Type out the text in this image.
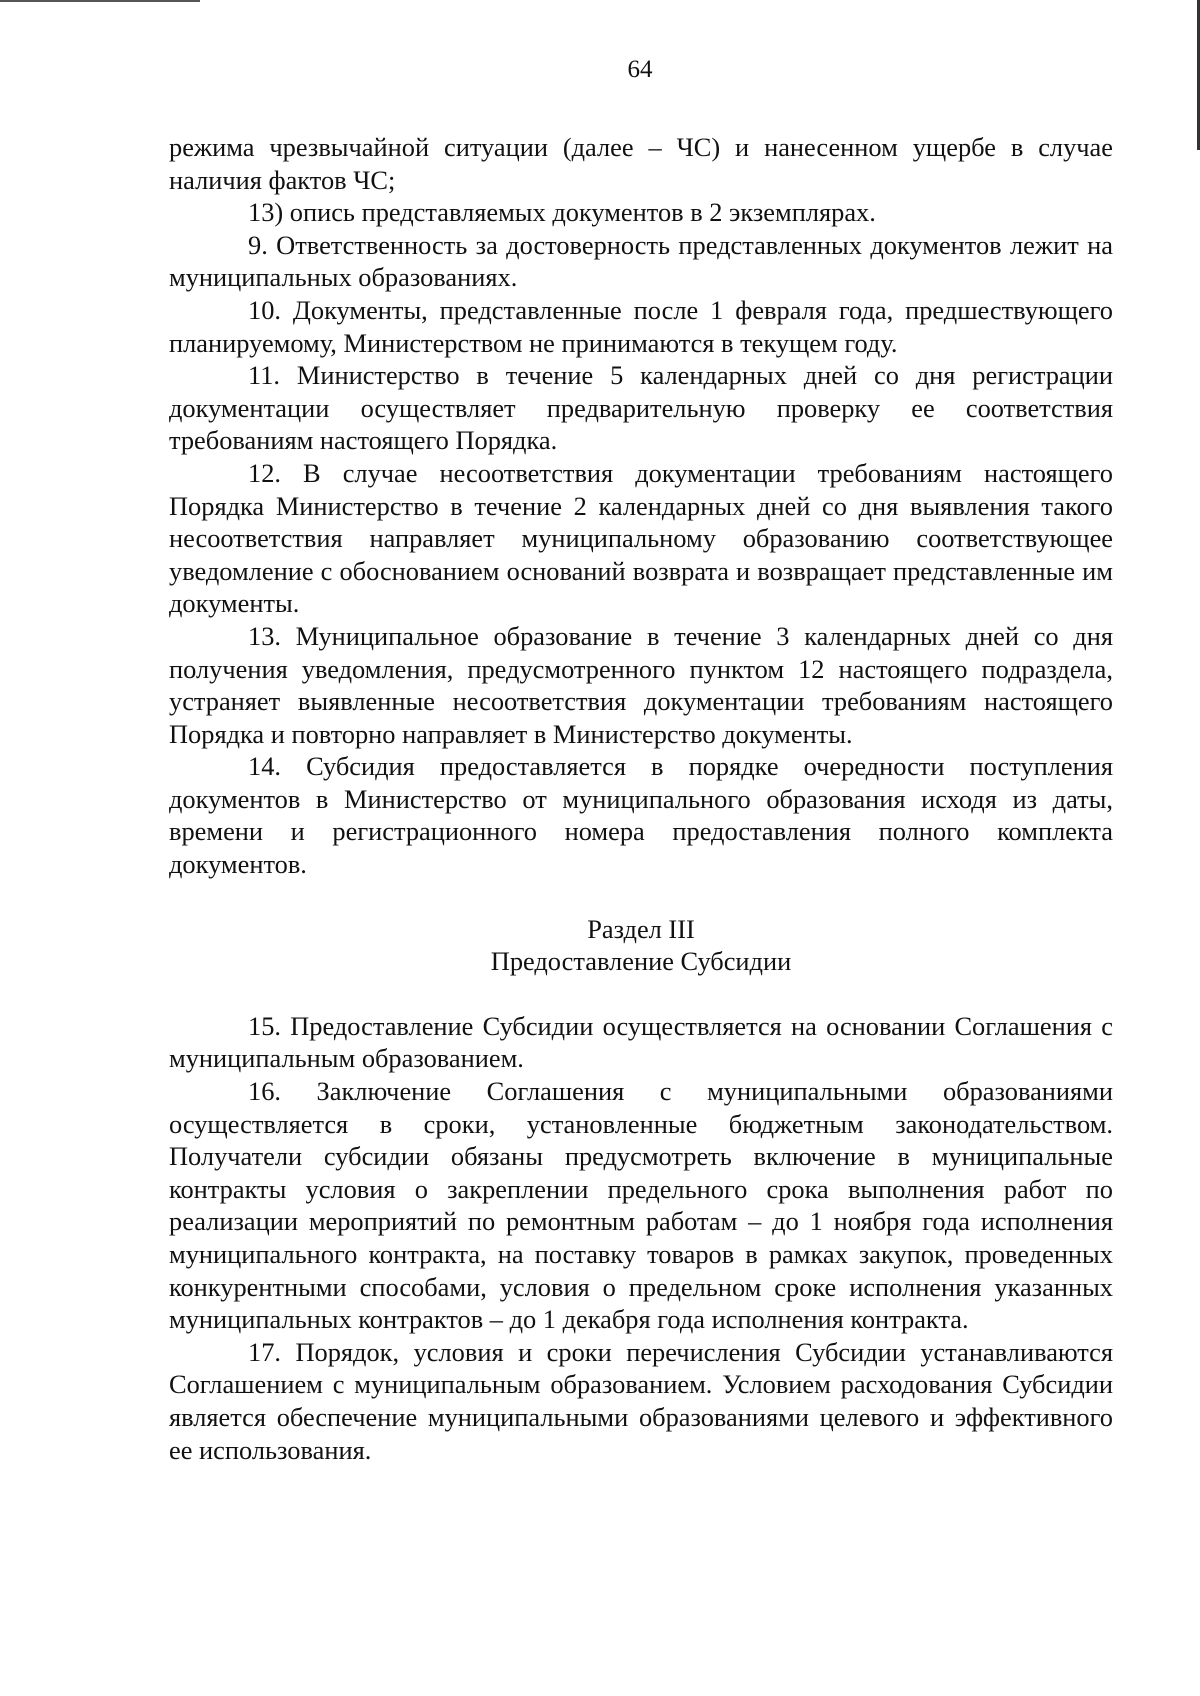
64

режима чрезвычайной ситуации (далее – ЧС) и нанесенном ущербе в случае наличия фактов ЧС;

13) опись представляемых документов в 2 экземплярах.

9. Ответственность за достоверность представленных документов лежит на муниципальных образованиях.

10. Документы, представленные после 1 февраля года, предшествующего планируемому, Министерством не принимаются в текущем году.

11. Министерство в течение 5 календарных дней со дня регистрации документации осуществляет предварительную проверку ее соответствия требованиям настоящего Порядка.

12. В случае несоответствия документации требованиям настоящего Порядка Министерство в течение 2 календарных дней со дня выявления такого несоответствия направляет муниципальному образованию соответствующее уведомление с обоснованием оснований возврата и возвращает представленные им документы.

13. Муниципальное образование в течение 3 календарных дней со дня получения уведомления, предусмотренного пунктом 12 настоящего подраздела, устраняет выявленные несоответствия документации требованиям настоящего Порядка и повторно направляет в Министерство документы.

14. Субсидия предоставляется в порядке очередности поступления документов в Министерство от муниципального образования исходя из даты, времени и регистрационного номера предоставления полного комплекта документов.

Раздел III
Предоставление Субсидии

15. Предоставление Субсидии осуществляется на основании Соглашения с муниципальным образованием.

16. Заключение Соглашения с муниципальными образованиями осуществляется в сроки, установленные бюджетным законодательством. Получатели субсидии обязаны предусмотреть включение в муниципальные контракты условия о закреплении предельного срока выполнения работ по реализации мероприятий по ремонтным работам – до 1 ноября года исполнения муниципального контракта, на поставку товаров в рамках закупок, проведенных конкурентными способами, условия о предельном сроке исполнения указанных муниципальных контрактов – до 1 декабря года исполнения контракта.

17. Порядок, условия и сроки перечисления Субсидии устанавливаются Соглашением с муниципальным образованием. Условием расходования Субсидии является обеспечение муниципальными образованиями целевого и эффективного ее использования.
